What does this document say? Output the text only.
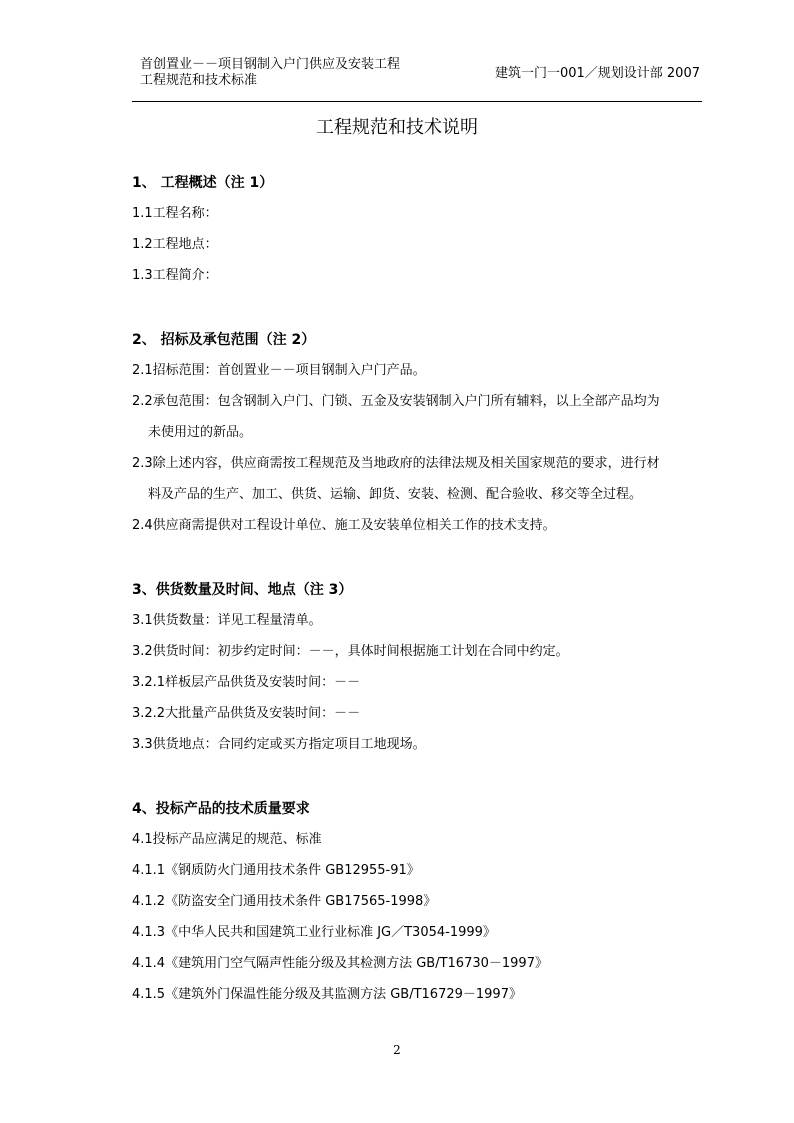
首创置业－－项目钢制入户门供应及安装工程
工程规范和技术标准	建筑一门一001／规划设计部 2007
工程规范和技术说明

1、 工程概述（注 1）

1.1工程名称：

1.2工程地点：

1.3工程简介：

2、 招标及承包范围（注 2）

2.1招标范围：首创置业－－项目钢制入户门产品。

2.2承包范围：包含钢制入户门、门锁、五金及安装钢制入户门所有辅料，以上全部产品均为

未使用过的新品。

2.3除上述内容，供应商需按工程规范及当地政府的法律法规及相关国家规范的要求，进行材

料及产品的生产、加工、供货、运输、卸货、安装、检测、配合验收、移交等全过程。

2.4供应商需提供对工程设计单位、施工及安装单位相关工作的技术支持。

3、供货数量及时间、地点（注 3）

3.1供货数量：详见工程量清单。

3.2供货时间：初步约定时间：－－，具体时间根据施工计划在合同中约定。

3.2.1样板层产品供货及安装时间：－－

3.2.2大批量产品供货及安装时间：－－

3.3供货地点：合同约定或买方指定项目工地现场。

4、投标产品的技术质量要求

4.1投标产品应满足的规范、标准

4.1.1《钢质防火门通用技术条件 GB12955-91》

4.1.2《防盗安全门通用技术条件 GB17565-1998》

4.1.3《中华人民共和国建筑工业行业标准 JG／T3054-1999》

4.1.4《建筑用门空气隔声性能分级及其检测方法 GB/T16730－1997》

4.1.5《建筑外门保温性能分级及其监测方法 GB/T16729－1997》

2
